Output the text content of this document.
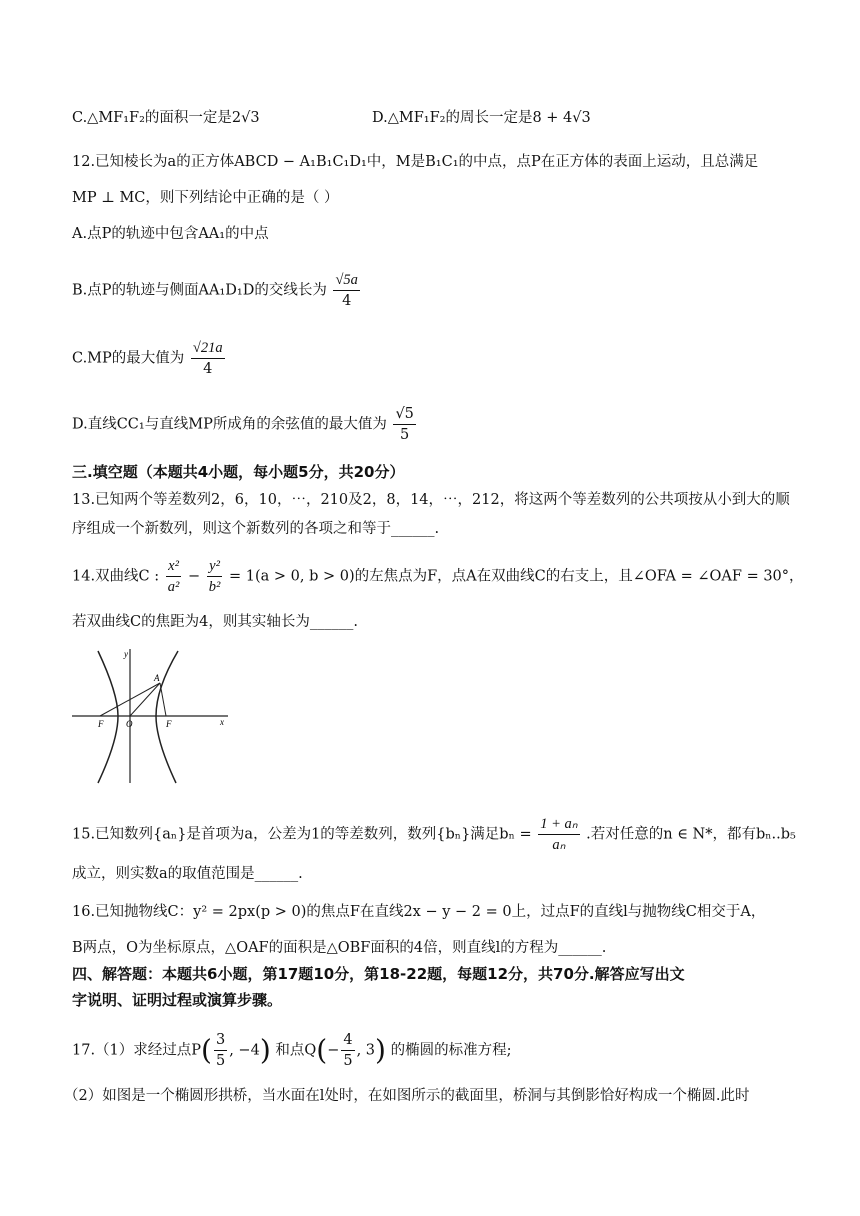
C.△MF₁F₂的面积一定是2√3	D.△MF₁F₂的周长一定是8 + 4√3
12.已知棱长为a的正方体ABCD − A₁B₁C₁D₁中，M是B₁C₁的中点，点P在正方体的表面上运动，且总满足
MP ⊥ MC，则下列结论中正确的是（ ）
A.点P的轨迹中包含AA₁的中点
B.点P的轨迹与侧面AA₁D₁D的交线长为 $\frac{√5a}{4}$
C.MP的最大值为 $\frac{√21a}{4}$
D.直线CC₁与直线MP所成角的余弦值的最大值为 $\frac{√5}{5}$
三.填空题（本题共4小题，每小题5分，共20分）
13.已知两个等差数列2，6，10，⋯，210及2，8，14，⋯，212，将这两个等差数列的公共项按从小到大的顺
序组成一个新数列，则这个新数列的各项之和等于______.
14.双曲线C : $\frac{\text{x²}}{\text{a²}} - \frac{\text{y²}}{\text{b²}} = 1(a > 0$, b > 0)的左焦点为F，点A在双曲线C的右支上，且∠OFA = ∠OAF = 30°，
若双曲线C的焦距为4，则其实轴长为______.
F	O	F
A
y
x
15.已知数列{aₙ}是首项为a，公差为1的等差数列，数列{bₙ}满足$b_n = \frac{\text{1 + aₙ}}{\text{aₙ}}$ .若对任意的n ∈ N*，都有bₙ..b₅
成立，则实数a的取值范围是______.
16.已知抛物线C：y² = 2px(p > 0)的焦点F在直线2x − y − 2 = 0上，过点F的直线l与抛物线C相交于A，
B两点，O为坐标原点，△OAF的面积是△OBF面积的4倍，则直线l的方程为______.
四、解答题：本题共6小题，第17题10分，第18-22题，每题12分，共70分.解答应写出文
字说明、证明过程或演算步骤。
17.（1）求经过点$P( \frac{3}{5}$ , −4) 和点$Q(- \frac{4}{5}$ , 3) 的椭圆的标准方程;
（2）如图是一个椭圆形拱桥，当水面在l处时，在如图所示的截面里，桥洞与其倒影恰好构成一个椭圆.此时
